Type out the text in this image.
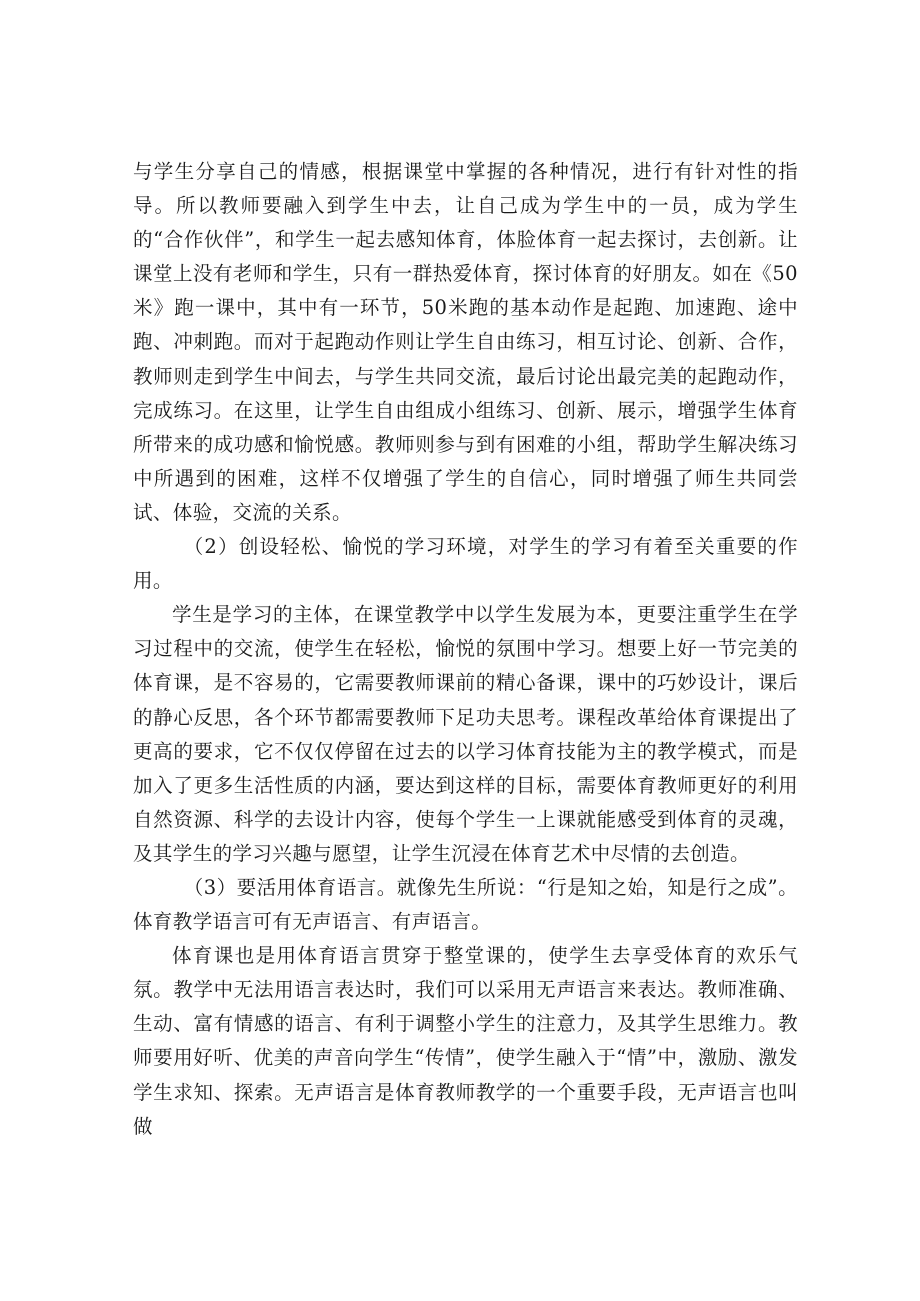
与学生分享自己的情感，根据课堂中掌握的各种情况，进行有针对性的指导。所以教师要融入到学生中去，让自己成为学生中的一员，成为学生的“合作伙伴”，和学生一起去感知体育，体脸体育一起去探讨，去创新。让课堂上没有老师和学生，只有一群热爱体育，探讨体育的好朋友。如在《50米》跑一课中，其中有一环节，50米跑的基本动作是起跑、加速跑、途中跑、冲刺跑。而对于起跑动作则让学生自由练习，相互讨论、创新、合作，教师则走到学生中间去，与学生共同交流，最后讨论出最完美的起跑动作，完成练习。在这里，让学生自由组成小组练习、创新、展示，增强学生体育所带来的成功感和愉悦感。教师则参与到有困难的小组，帮助学生解决练习中所遇到的困难，这样不仅增强了学生的自信心，同时增强了师生共同尝试、体验，交流的关系。

（2）创设轻松、愉悦的学习环境，对学生的学习有着至关重要的作用。

学生是学习的主体，在课堂教学中以学生发展为本，更要注重学生在学习过程中的交流，使学生在轻松，愉悦的氛围中学习。想要上好一节完美的体育课，是不容易的，它需要教师课前的精心备课，课中的巧妙设计，课后的静心反思，各个环节都需要教师下足功夫思考。课程改革给体育课提出了更高的要求，它不仅仅停留在过去的以学习体育技能为主的教学模式，而是加入了更多生活性质的内涵，要达到这样的目标，需要体育教师更好的利用自然资源、科学的去设计内容，使每个学生一上课就能感受到体育的灵魂，及其学生的学习兴趣与愿望，让学生沉浸在体育艺术中尽情的去创造。

（3）要活用体育语言。就像先生所说：“行是知之始，知是行之成”。体育教学语言可有无声语言、有声语言。

体育课也是用体育语言贯穿于整堂课的，使学生去享受体育的欢乐气氛。教学中无法用语言表达时，我们可以采用无声语言来表达。教师准确、生动、富有情感的语言、有利于调整小学生的注意力，及其学生思维力。教师要用好听、优美的声音向学生“传情”，使学生融入于“情”中，激励、激发学生求知、探索。无声语言是体育教师教学的一个重要手段，无声语言也叫做
